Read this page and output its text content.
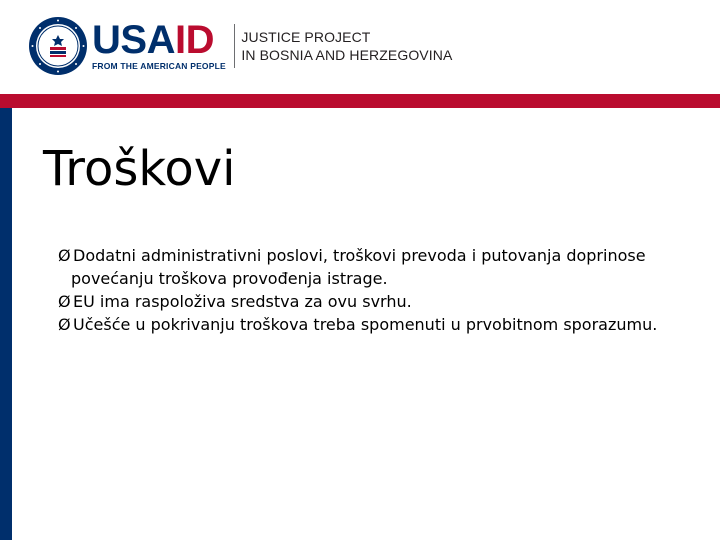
USAID
FROM THE AMERICAN PEOPLE
JUSTICE PROJECT
IN BOSNIA AND HERZEGOVINA
Troškovi
Ø Dodatni administrativni poslovi, troškovi prevoda i putovanja doprinose povećanju troškova provođenja istrage.
Ø EU ima raspoloživa sredstva za ovu svrhu.
Ø Učešće u pokrivanju troškova treba spomenuti u prvobitnom sporazumu.
